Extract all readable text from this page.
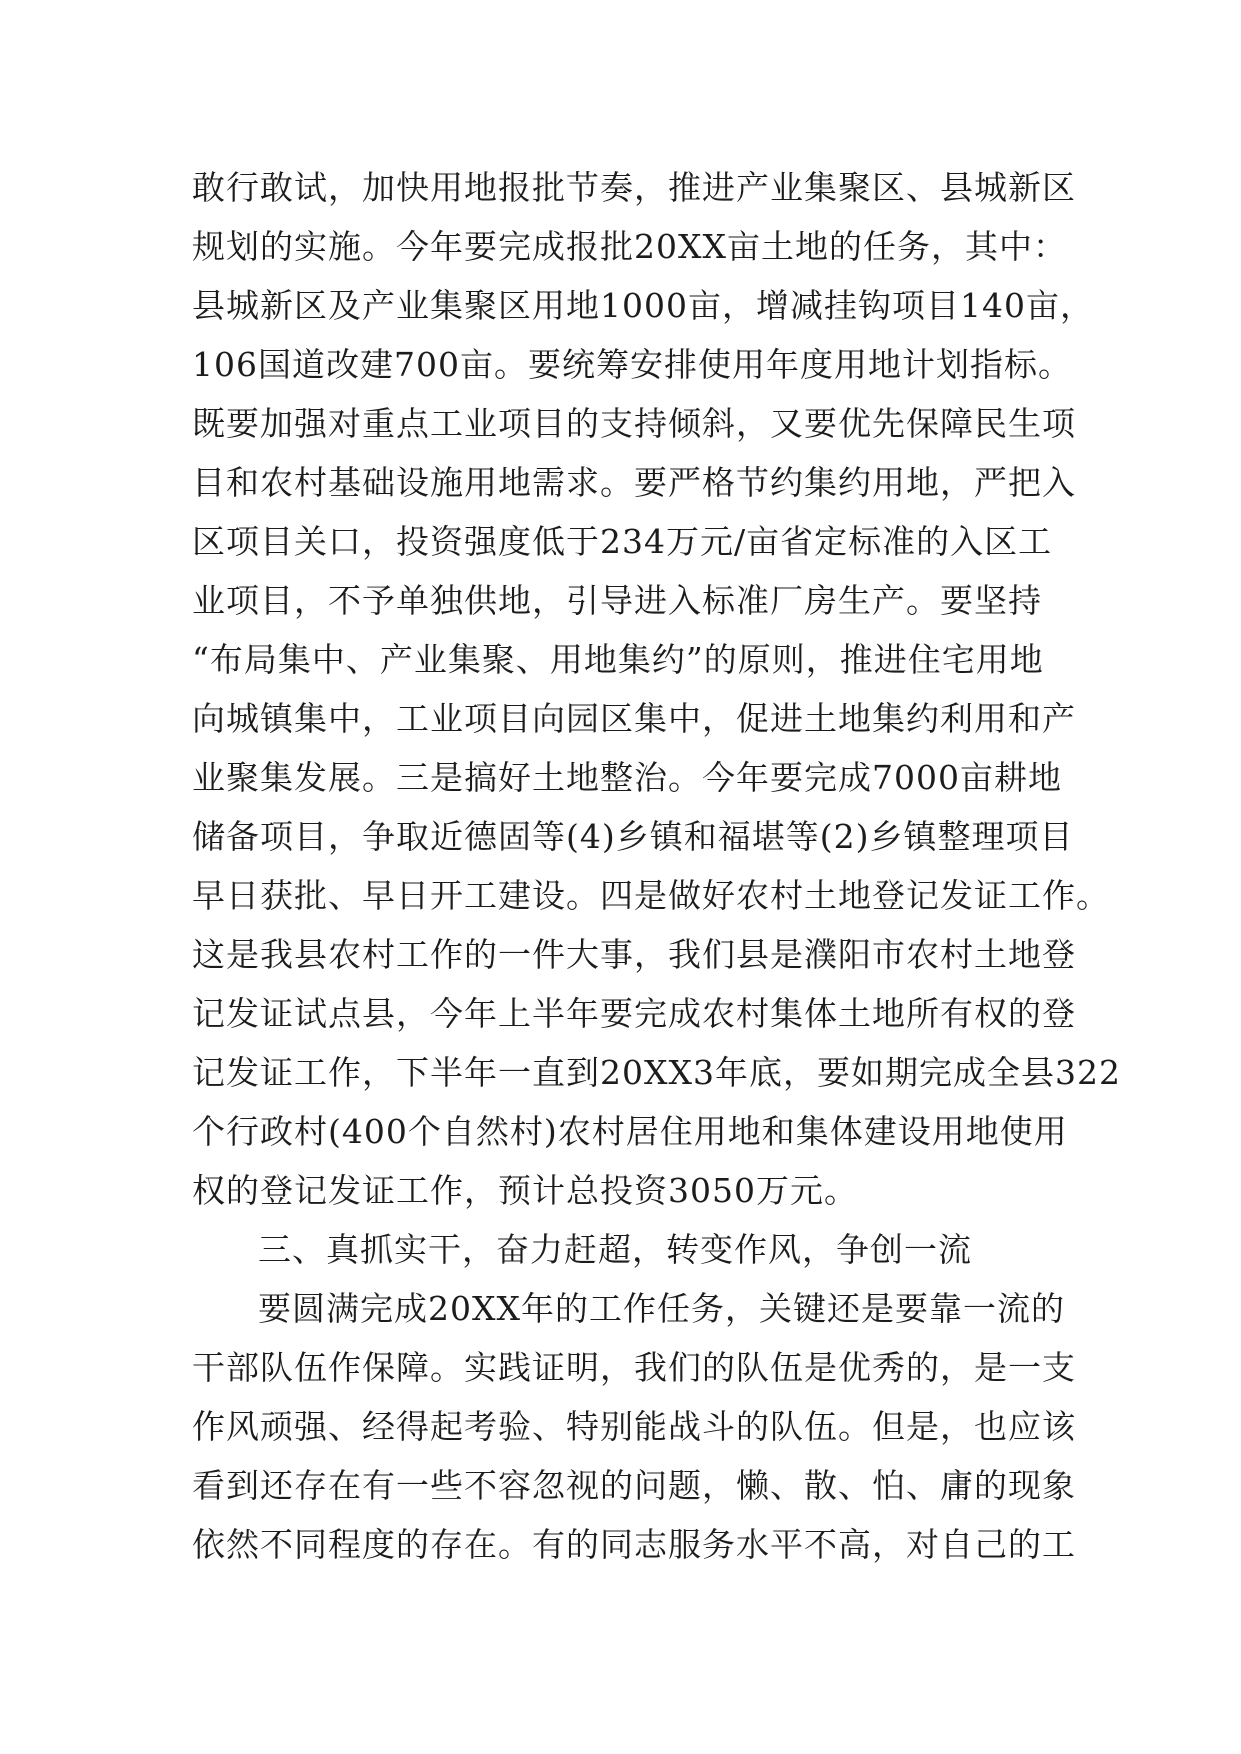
敢行敢试，加快用地报批节奏，推进产业集聚区、县城新区
规划的实施。今年要完成报批20XX亩土地的任务，其中：
县城新区及产业集聚区用地1000亩，增减挂钩项目140亩，
106国道改建700亩。要统筹安排使用年度用地计划指标。
既要加强对重点工业项目的支持倾斜，又要优先保障民生项
目和农村基础设施用地需求。要严格节约集约用地，严把入
区项目关口，投资强度低于234万元/亩省定标准的入区工
业项目，不予单独供地，引导进入标准厂房生产。要坚持
“布局集中、产业集聚、用地集约”的原则，推进住宅用地
向城镇集中，工业项目向园区集中，促进土地集约利用和产
业聚集发展。三是搞好土地整治。今年要完成7000亩耕地
储备项目，争取近德固等(4)乡镇和福堪等(2)乡镇整理项目
早日获批、早日开工建设。四是做好农村土地登记发证工作。
这是我县农村工作的一件大事，我们县是濮阳市农村土地登
记发证试点县，今年上半年要完成农村集体土地所有权的登
记发证工作，下半年一直到20XX3年底，要如期完成全县322
个行政村(400个自然村)农村居住用地和集体建设用地使用
权的登记发证工作，预计总投资3050万元。
三、真抓实干，奋力赶超，转变作风，争创一流
要圆满完成20XX年的工作任务，关键还是要靠一流的
干部队伍作保障。实践证明，我们的队伍是优秀的，是一支
作风顽强、经得起考验、特别能战斗的队伍。但是，也应该
看到还存在有一些不容忽视的问题，懒、散、怕、庸的现象
依然不同程度的存在。有的同志服务水平不高，对自己的工
